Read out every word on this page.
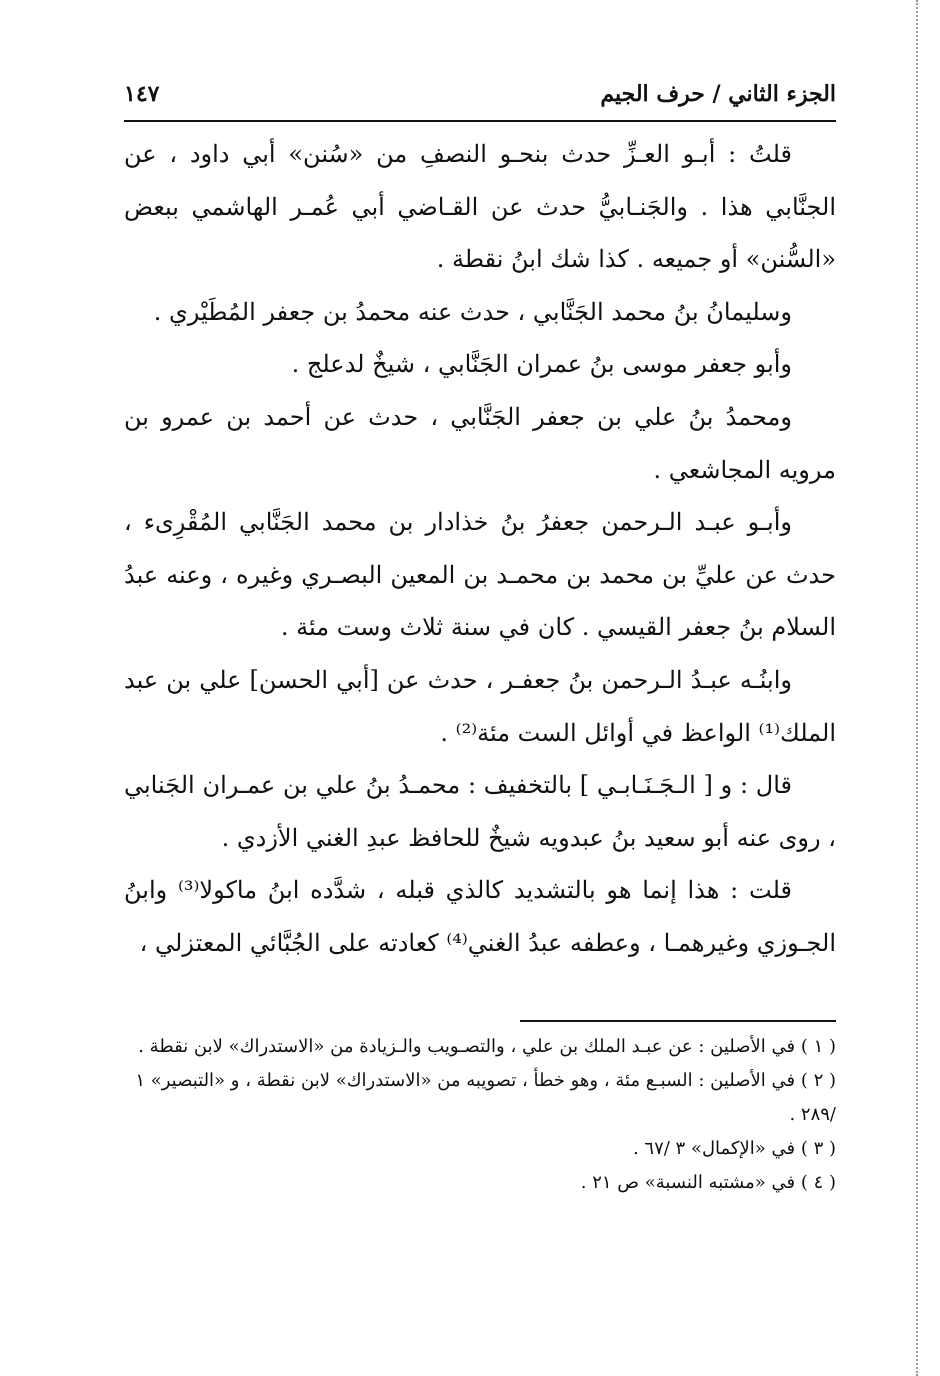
الجزء الثاني / حرف الجيم
١٤٧

قلتُ : أبـو العـزِّ حدث بنحـو النصفِ من «سُنن» أبي داود ، عن الجنَّابي هذا . والجَنـابيُّ حدث عن القـاضي أبي عُمـر الهاشمي ببعض «السُّنن» أو جميعه . كذا شك ابنُ نقطة .

وسليمانُ بنُ محمد الجَنَّابي ، حدث عنه محمدُ بن جعفر المُطَيْري .

وأبو جعفر موسى بنُ عمران الجَنَّابي ، شيخٌ لدعلج .

ومحمدُ بنُ علي بن جعفر الجَنَّابي ، حدث عن أحمد بن عمرو بن مرويه المجاشعي .

وأبـو عبـد الـرحمن جعفرُ بنُ خذادار بن محمد الجَنَّابي المُقْرِىء ، حدث عن عليِّ بن محمد بن محمـد بن المعين البصـري وغيره ، وعنه عبدُ السلام بنُ جعفر القيسي . كان في سنة ثلاث وست مئة .

وابنُـه عبـدُ الـرحمن بنُ جعفـر ، حدث عن [أبي الحسن] علي بن عبد الملك⁽¹⁾ الواعظ في أوائل الست مئة⁽²⁾ .

قال : و [ الـجَـنَـابـي ] بالتخفيف : محمـدُ بنُ علي بن عمـران الجَنابي ، روى عنه أبو سعيد بنُ عبدويه شيخٌ للحافظ عبدِ الغني الأزدي .

قلت : هذا إنما هو بالتشديد كالذي قبله ، شدَّده ابنُ ماكولا⁽³⁾ وابنُ الجـوزي وغيرهمـا ، وعطفه عبدُ الغني⁽⁴⁾ كعادته على الجُبَّائي المعتزلي ،

( ١ ) في الأصلين : عن عبـد الملك بن علي ، والتصـويب والـزيادة من «الاستدراك» لابن نقطة .

( ٢ ) في الأصلين : السبـع مئة ، وهو خطأ ، تصويبه من «الاستدراك» لابن نقطة ، و «التبصير» ١ /٢٨٩ .

( ٣ ) في «الإكمال» ٣ /٦٧ .

( ٤ ) في «مشتبه النسبة» ص ٢١ .
